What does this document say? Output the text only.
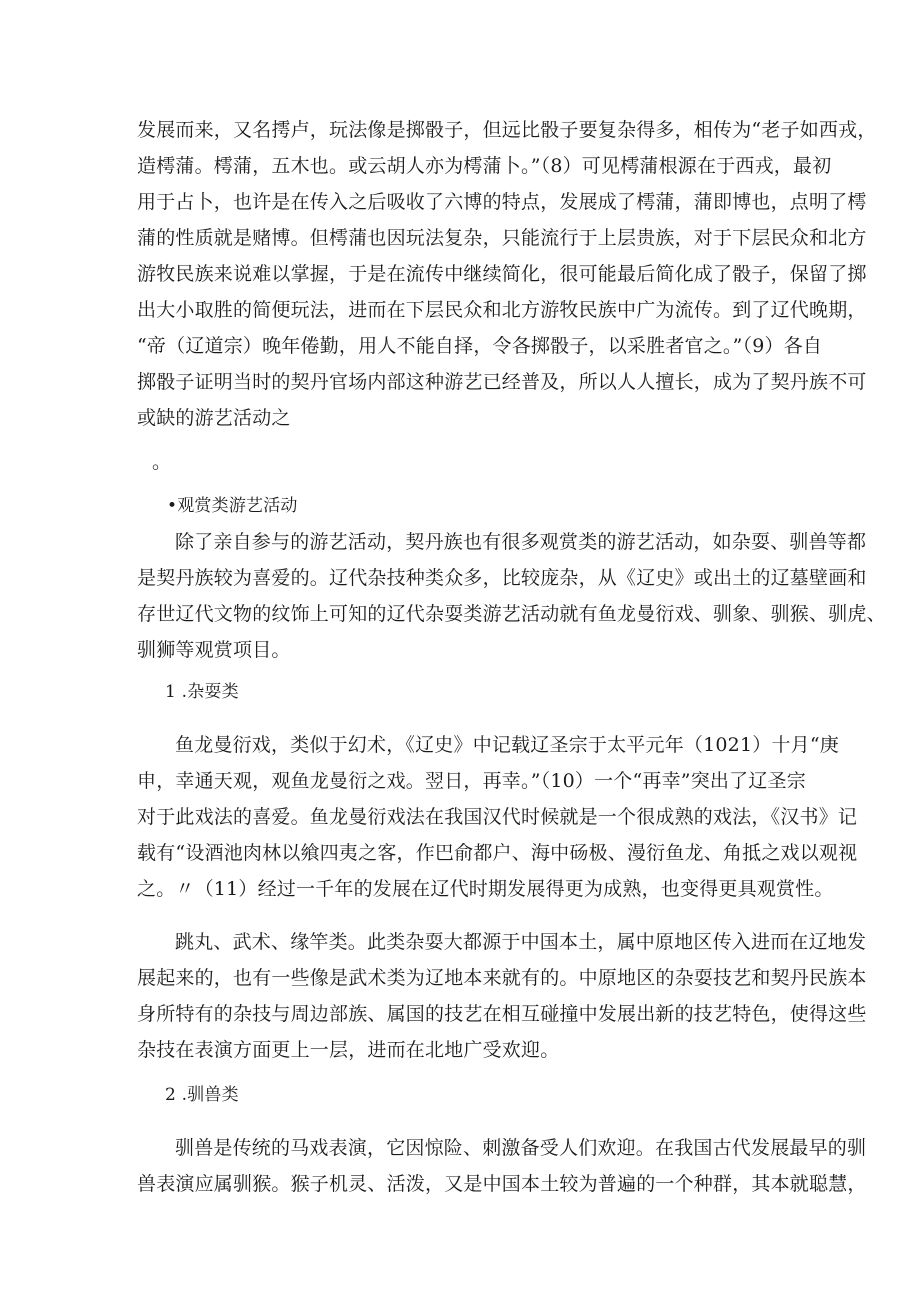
发展而来，又名摴卢，玩法像是掷骰子，但远比骰子要复杂得多，相传为“老子如西戎，
造樗蒲。樗蒲，五木也。或云胡人亦为樗蒲卜。”（8）可见樗蒲根源在于西戎，最初
用于占卜，也许是在传入之后吸收了六博的特点，发展成了樗蒲，蒲即博也，点明了樗
蒲的性质就是赌博。但樗蒲也因玩法复杂，只能流行于上层贵族，对于下层民众和北方
游牧民族来说难以掌握，于是在流传中继续简化，很可能最后简化成了骰子，保留了掷
出大小取胜的简便玩法，进而在下层民众和北方游牧民族中广为流传。到了辽代晚期，
“帝（辽道宗）晚年倦勤，用人不能自择，令各掷骰子，以采胜者官之。”（9）各自
掷骰子证明当时的契丹官场内部这种游艺已经普及，所以人人擅长，成为了契丹族不可
或缺的游艺活动之
。
•观赏类游艺活动
除了亲自参与的游艺活动，契丹族也有很多观赏类的游艺活动，如杂耍、驯兽等都
是契丹族较为喜爱的。辽代杂技种类众多，比较庞杂，从《辽史》或出土的辽墓壁画和
存世辽代文物的纹饰上可知的辽代杂耍类游艺活动就有鱼龙曼衍戏、驯象、驯猴、驯虎、
驯狮等观赏项目。
1 .杂耍类
鱼龙曼衍戏，类似于幻术，《辽史》中记载辽圣宗于太平元年（1021）十月“庚
申，幸通天观，观鱼龙曼衍之戏。翌日，再幸。”（10）一个“再幸”突出了辽圣宗
对于此戏法的喜爱。鱼龙曼衍戏法在我国汉代时候就是一个很成熟的戏法，《汉书》记
载有“设酒池肉林以飨四夷之客，作巴俞都户、海中砀极、漫衍鱼龙、角抵之戏以观视
之。〃（11）经过一千年的发展在辽代时期发展得更为成熟，也变得更具观赏性。
跳丸、武术、缘竿类。此类杂耍大都源于中国本土，属中原地区传入进而在辽地发
展起来的，也有一些像是武术类为辽地本来就有的。中原地区的杂耍技艺和契丹民族本
身所特有的杂技与周边部族、属国的技艺在相互碰撞中发展出新的技艺特色，使得这些
杂技在表演方面更上一层，进而在北地广受欢迎。
2 .驯兽类
驯兽是传统的马戏表演，它因惊险、刺激备受人们欢迎。在我国古代发展最早的驯
兽表演应属驯猴。猴子机灵、活泼，又是中国本土较为普遍的一个种群，其本就聪慧，
